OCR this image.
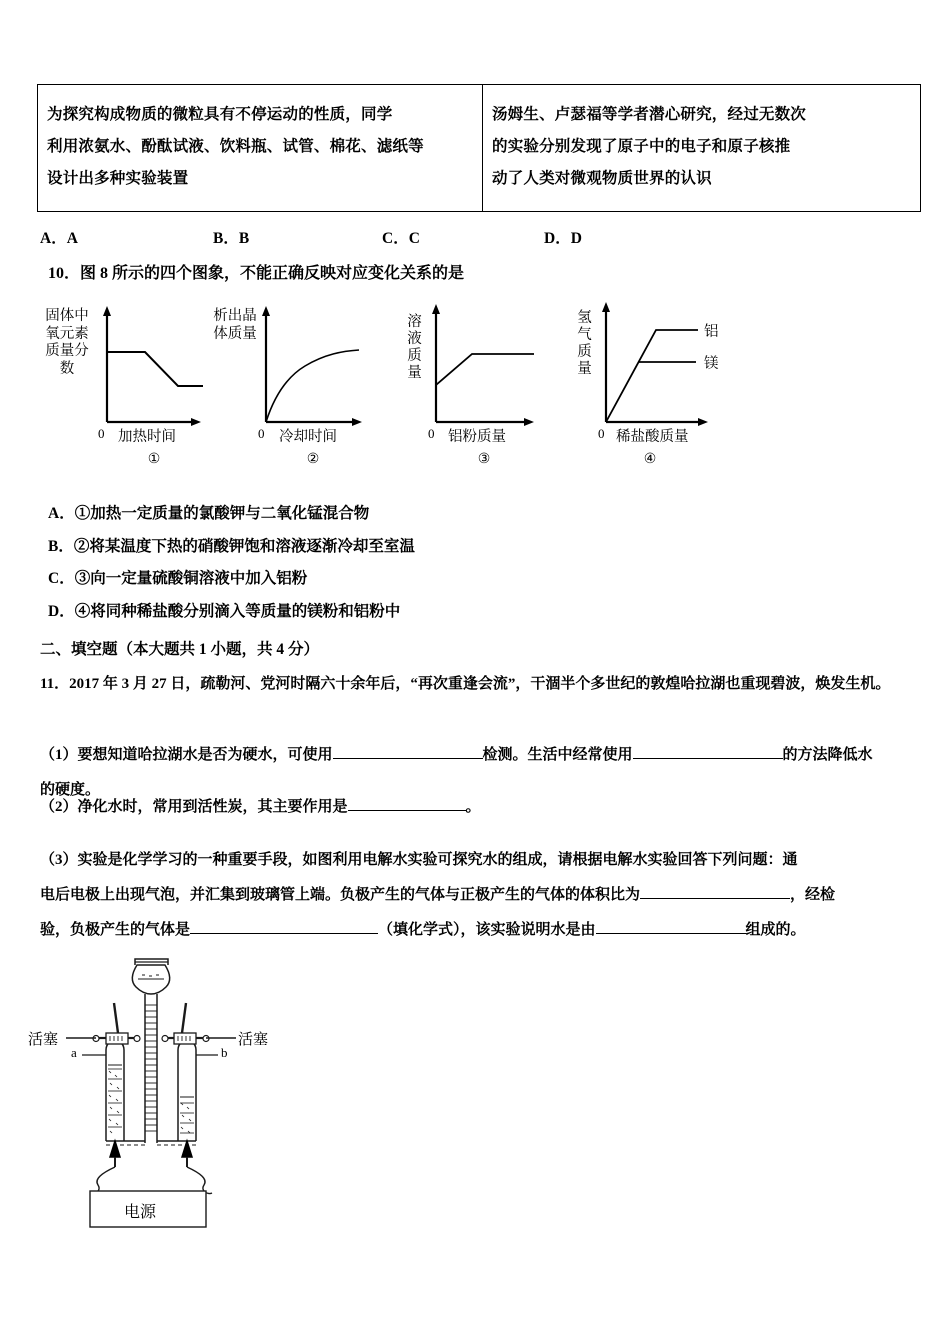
为探究构成物质的微粒具有不停运动的性质，同学
利用浓氨水、酚酞试液、饮料瓶、试管、棉花、滤纸等
设计出多种实验装置

汤姆生、卢瑟福等学者潜心研究，经过无数次
的实验分别发现了原子中的电子和原子核推
动了人类对微观物质世界的认识
A．A	B．B	C．C	D．D
10．图 8 所示的四个图象，不能正确反映对应变化关系的是
固体中氧元素质量分数
0 加热时间
①
析出晶体质量
0 冷却时间
②
溶液质量
0 铝粉质量
③
氢气质量
铝
镁
0 稀盐酸质量
④
A．①加热一定质量的氯酸钾与二氧化锰混合物
B．②将某温度下热的硝酸钾饱和溶液逐渐冷却至室温
C．③向一定量硫酸铜溶液中加入铝粉
D．④将同种稀盐酸分别滴入等质量的镁粉和铝粉中
二、填空题（本大题共 1 小题，共 4 分）
11．2017 年 3 月 27 日，疏勒河、党河时隔六十余年后，“再次重逢会流”，干涸半个多世纪的敦煌哈拉湖也重现碧波，焕发生机。
（1）要想知道哈拉湖水是否为硬水，可使用	检测。生活中经常使用	的方法降低水
的硬度。
（2）净化水时，常用到活性炭，其主要作用是	。
（3）实验是化学学习的一种重要手段，如图利用电解水实验可探究水的组成，请根据电解水实验回答下列问题：通
电后电极上出现气泡，并汇集到玻璃管上端。负极产生的气体与正极产生的气体的体积比为	，经检
验，负极产生的气体是	（填化学式），该实验说明水是由	组成的。
活塞	活塞
a	b
电源
